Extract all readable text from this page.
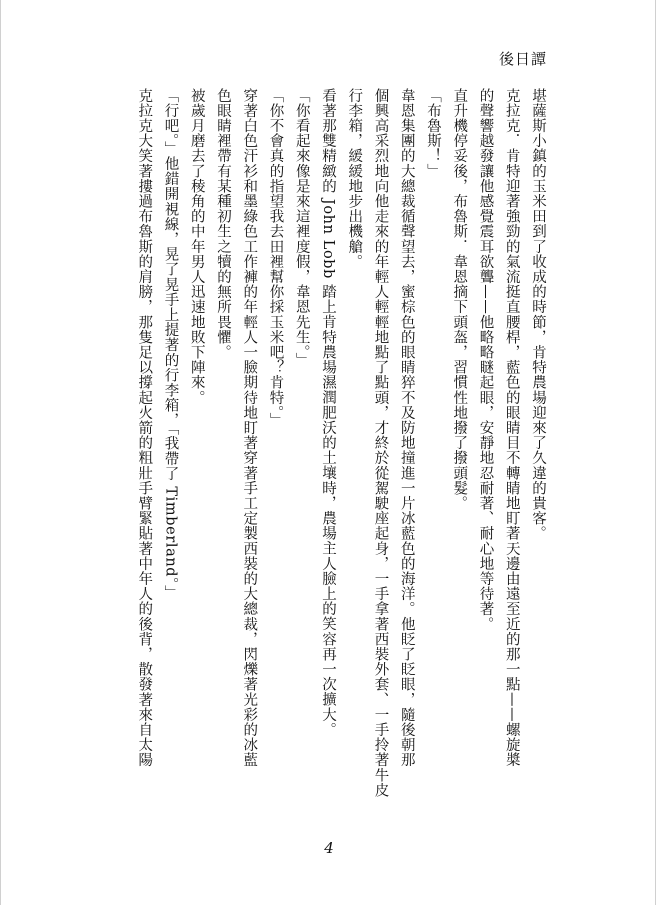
後日譚
堪薩斯小鎮的玉米田到了收成的時節，肯特農場迎來了久違的貴客。
克拉克．肯特迎著強勁的氣流挺直腰桿，藍色的眼睛目不轉睛地盯著天邊由遠至近的那一點——螺旋槳
的聲響越發讓他感覺震耳欲聾——他略略瞇起眼，安靜地忍耐著、耐心地等待著。
直升機停妥後，布魯斯．韋恩摘下頭盔，習慣性地撥了撥頭髮。
「布魯斯！」
韋恩集團的大總裁循聲望去，蜜棕色的眼睛猝不及防地撞進一片冰藍色的海洋。他眨了眨眼，隨後朝那
個興高采烈地向他走來的年輕人輕輕地點了點頭，才終於從駕駛座起身，一手拿著西裝外套、一手拎著牛皮
行李箱，緩緩地步出機艙。
看著那雙精緻的 John Lobb 踏上肯特農場濕潤肥沃的土壤時，農場主人臉上的笑容再一次擴大。
「你看起來像是來這裡度假，韋恩先生。」
「你不會真的指望我去田裡幫你採玉米吧？肯特。」
穿著白色汗衫和墨綠色工作褲的年輕人一臉期待地盯著穿著手工定製西裝的大總裁，閃爍著光彩的冰藍
色眼睛裡帶有某種初生之犢的無所畏懼。
被歲月磨去了稜角的中年男人迅速地敗下陣來。
「行吧。」他錯開視線，晃了晃手上提著的行李箱，「我帶了 Timberland。」
克拉克大笑著摟過布魯斯的肩膀，那隻足以撐起火箭的粗壯手臂緊貼著中年人的後背，散發著來自太陽
4
